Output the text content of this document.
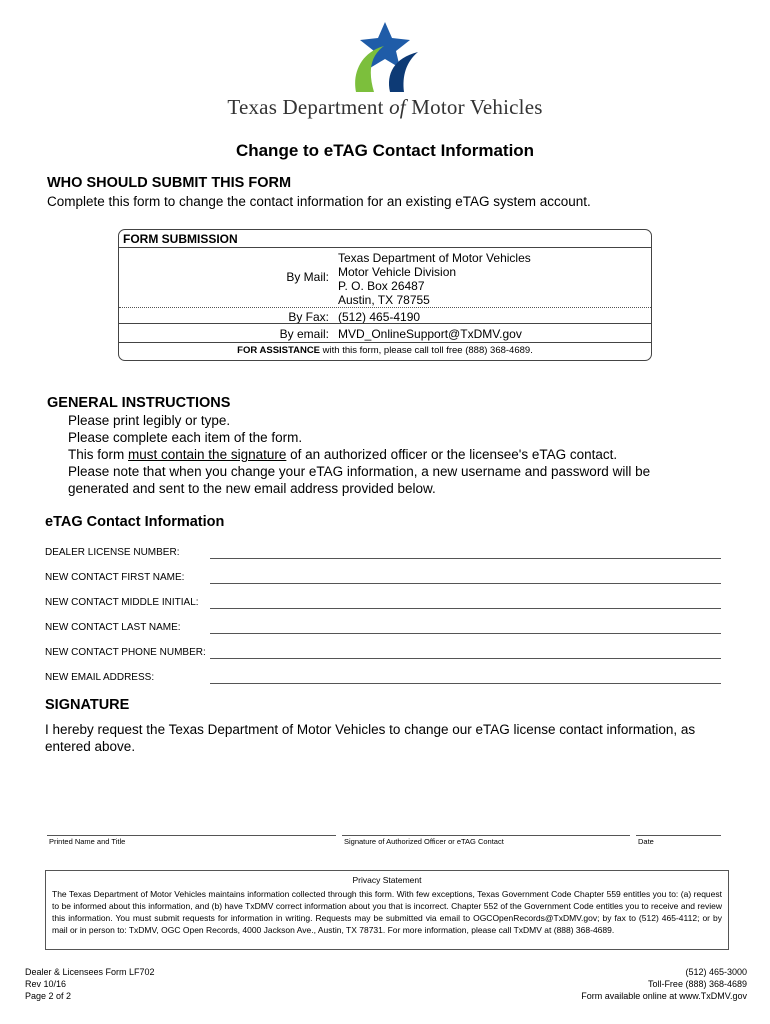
Texas Department of Motor Vehicles
Change to eTAG Contact Information
WHO SHOULD SUBMIT THIS FORM
Complete this form to change the contact information for an existing eTAG system account.
FORM SUBMISSION
By Mail:
Texas Department of Motor Vehicles
Motor Vehicle Division
P. O. Box 26487
Austin, TX 78755
By Fax: (512) 465-4190
By email: MVD_OnlineSupport@TxDMV.gov
FOR ASSISTANCE with this form, please call toll free (888) 368-4689.
GENERAL INSTRUCTIONS
Please print legibly or type.
Please complete each item of the form.
This form must contain the signature of an authorized officer or the licensee's eTAG contact.
Please note that when you change your eTAG information, a new username and password will be
generated and sent to the new email address provided below.
eTAG Contact Information
DEALER LICENSE NUMBER:
NEW CONTACT FIRST NAME:
NEW CONTACT MIDDLE INITIAL:
NEW CONTACT LAST NAME:
NEW CONTACT PHONE NUMBER:
NEW EMAIL ADDRESS:
SIGNATURE
I hereby request the Texas Department of Motor Vehicles to change our eTAG license contact information, as
entered above.
Printed Name and Title	Signature of Authorized Officer or eTAG Contact	Date
Privacy Statement
The Texas Department of Motor Vehicles maintains information collected through this form. With few exceptions, Texas Government Code Chapter 559 entitles you to: (a) request to be informed about this information, and (b) have TxDMV correct information about you that is incorrect. Chapter 552 of the Government Code entitles you to receive and review this information. You must submit requests for information in writing. Requests may be submitted via email to OGCOpenRecords@TxDMV.gov; by fax to (512) 465-4112; or by mail or in person to: TxDMV, OGC Open Records, 4000 Jackson Ave., Austin, TX 78731. For more information, please call TxDMV at (888) 368-4689.
Dealer & Licensees Form LF702
Rev 10/16
Page 2 of 2
(512) 465-3000
Toll-Free (888) 368-4689
Form available online at www.TxDMV.gov
